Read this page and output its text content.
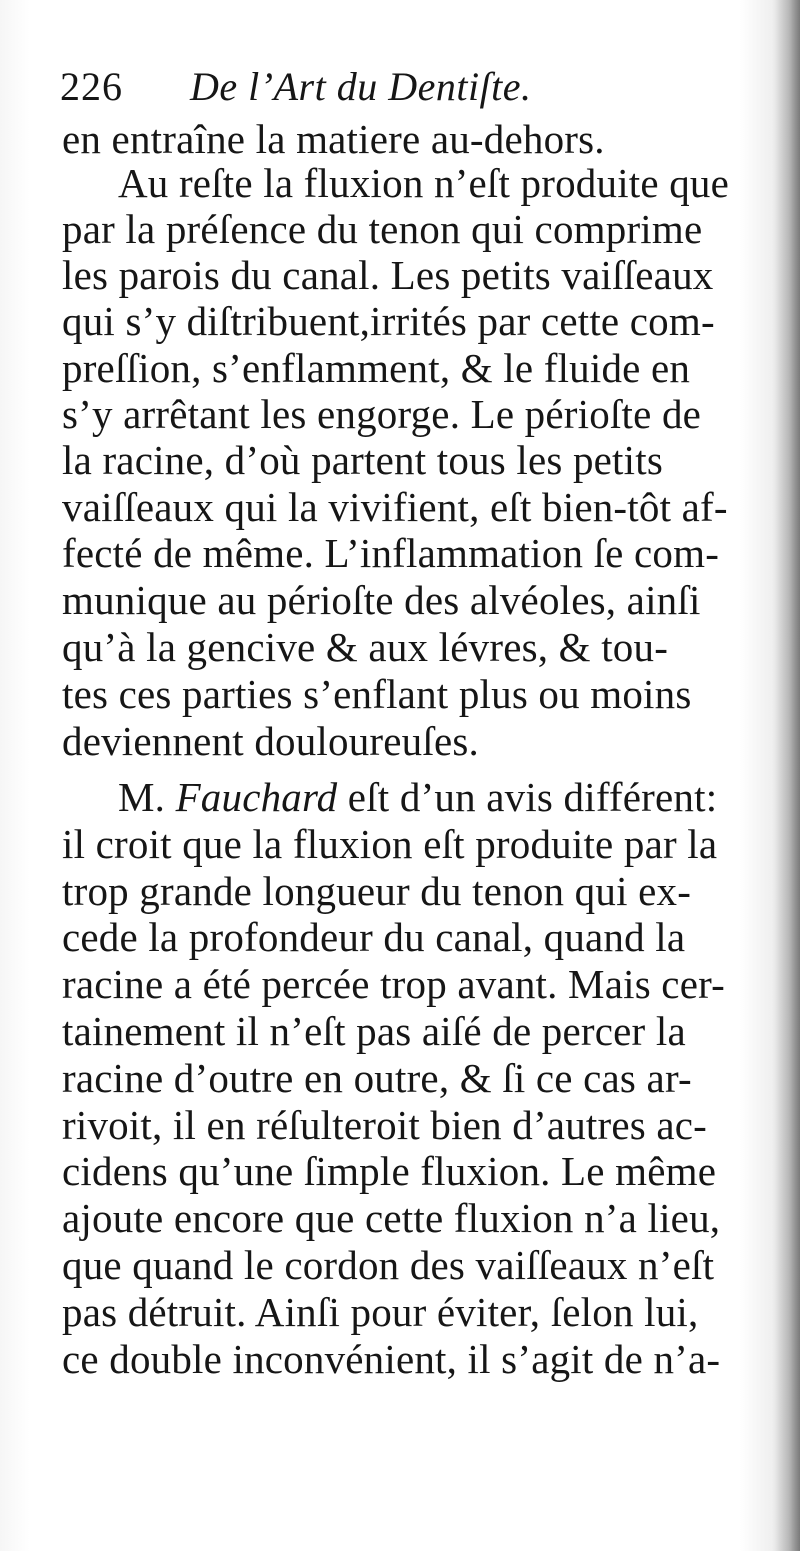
226 De l’Art du Dentiſte.
en entraîne la matiere au-dehors.
Au reſte la fluxion n’eſt produite que
par la préſence du tenon qui comprime
les parois du canal. Les petits vaiſſeaux
qui s’y diſtribuent,irrités par cette com-
preſſion, s’enflamment, & le fluide en
s’y arrêtant les engorge. Le périoſte de
la racine, d’où partent tous les petits
vaiſſeaux qui la vivifient, eſt bien-tôt af-
fecté de même. L’inflammation ſe com-
munique au périoſte des alvéoles, ainſi
qu’à la gencive & aux lévres, & tou-
tes ces parties s’enflant plus ou moins
deviennent douloureuſes.
M. Fauchard eſt d’un avis différent:
il croit que la fluxion eſt produite par la
trop grande longueur du tenon qui ex-
cede la profondeur du canal, quand la
racine a été percée trop avant. Mais cer-
tainement il n’eſt pas aiſé de percer la
racine d’outre en outre, & ſi ce cas ar-
rivoit, il en réſulteroit bien d’autres ac-
cidens qu’une ſimple fluxion. Le même
ajoute encore que cette fluxion n’a lieu,
que quand le cordon des vaiſſeaux n’eſt
pas détruit. Ainſi pour éviter, ſelon lui,
ce double inconvénient, il s’agit de n’a-
